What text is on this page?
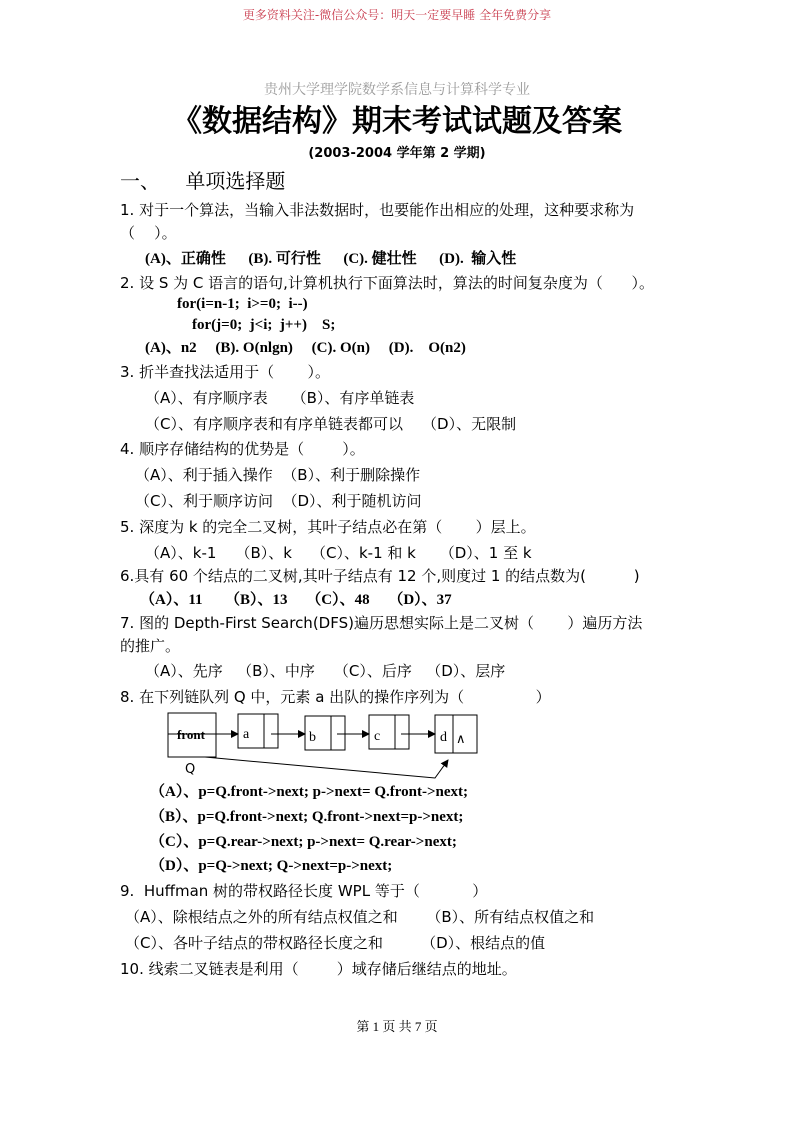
更多资料关注-微信公众号：明天一定要早睡 全年免费分享
贵州大学理学院数学系信息与计算科学专业
《数据结构》期末考试试题及答案
(2003-2004 学年第 2 学期)
一、    单项选择题
1. 对于一个算法，当输入非法数据时，也要能作出相应的处理，这种要求称为
（    ）。
(A)、正确性      (B). 可行性      (C). 健壮性      (D).  输入性
2. 设 S 为 C 语言的语句,计算机执行下面算法时，算法的时间复杂度为（      ）。
for(i=n-1;  i>=0;  i--)
for(j=0;  j<i;  j++)    S;
(A)、n2     (B). O(nlgn)     (C). O(n)     (D).    O(n2)
3. 折半查找法适用于（       ）。
（A）、有序顺序表     （B）、有序单链表
（C）、有序顺序表和有序单链表都可以    （D）、无限制
4. 顺序存储结构的优势是（        ）。
（A）、利于插入操作  （B）、利于删除操作
（C）、利于顺序访问  （D）、利于随机访问
5. 深度为 k 的完全二叉树，其叶子结点必在第（       ）层上。
（A）、k-1    （B）、k    （C）、k-1 和 k     （D）、1 至 k
6.具有 60 个结点的二叉树,其叶子结点有 12 个,则度过 1 的结点数为(          )
（A）、11      （B）、13     （C）、48     （D）、37
7. 图的 Depth-First Search(DFS)遍历思想实际上是二叉树（       ）遍历方法
的推广。
（A）、先序   （B）、中序    （C）、后序   （D）、层序
8. 在下列链队列 Q 中，元素 a 出队的操作序列为（               ）
front
Q
a	b	c	d ∧
（A）、p=Q.front->next; p->next= Q.front->next;
（B）、p=Q.front->next; Q.front->next=p->next;
（C）、p=Q.rear->next; p->next= Q.rear->next;
（D）、p=Q->next; Q->next=p->next;
9.  Huffman 树的带权路径长度 WPL 等于（           ）
（A）、除根结点之外的所有结点权值之和      （B）、所有结点权值之和
（C）、各叶子结点的带权路径长度之和        （D）、根结点的值
10. 线索二叉链表是利用（        ）域存储后继结点的地址。
第 1 页 共 7 页
